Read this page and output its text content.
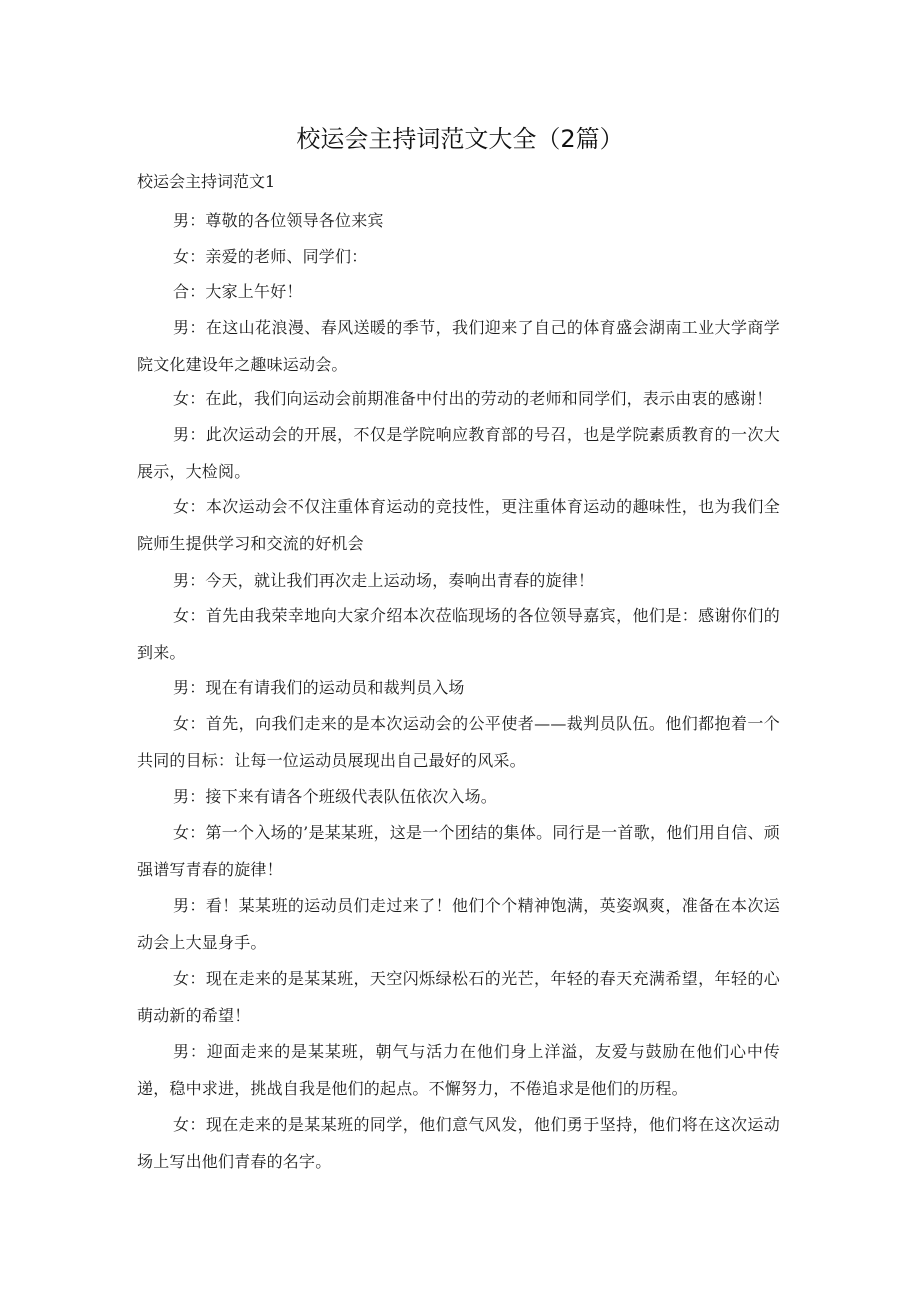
校运会主持词范文大全（2篇）
校运会主持词范文1
男：尊敬的各位领导各位来宾
女：亲爱的老师、同学们：
合：大家上午好！
男：在这山花浪漫、春风送暖的季节，我们迎来了自己的体育盛会湖南工业大学商学院文化建设年之趣味运动会。
女：在此，我们向运动会前期准备中付出的劳动的老师和同学们，表示由衷的感谢！
男：此次运动会的开展，不仅是学院响应教育部的号召，也是学院素质教育的一次大展示，大检阅。
女：本次运动会不仅注重体育运动的竞技性，更注重体育运动的趣味性，也为我们全院师生提供学习和交流的好机会
男：今天，就让我们再次走上运动场，奏响出青春的旋律！
女：首先由我荣幸地向大家介绍本次莅临现场的各位领导嘉宾，他们是：感谢你们的到来。
男：现在有请我们的运动员和裁判员入场
女：首先，向我们走来的是本次运动会的公平使者——裁判员队伍。他们都抱着一个共同的目标：让每一位运动员展现出自己最好的风采。
男：接下来有请各个班级代表队伍依次入场。
女：第一个入场的’是某某班，这是一个团结的集体。同行是一首歌，他们用自信、顽强谱写青春的旋律！
男：看！某某班的运动员们走过来了！他们个个精神饱满，英姿飒爽，准备在本次运动会上大显身手。
女：现在走来的是某某班，天空闪烁绿松石的光芒，年轻的春天充满希望，年轻的心萌动新的希望！
男：迎面走来的是某某班，朝气与活力在他们身上洋溢，友爱与鼓励在他们心中传递，稳中求进，挑战自我是他们的起点。不懈努力，不倦追求是他们的历程。
女：现在走来的是某某班的同学，他们意气风发，他们勇于坚持，他们将在这次运动场上写出他们青春的名字。
